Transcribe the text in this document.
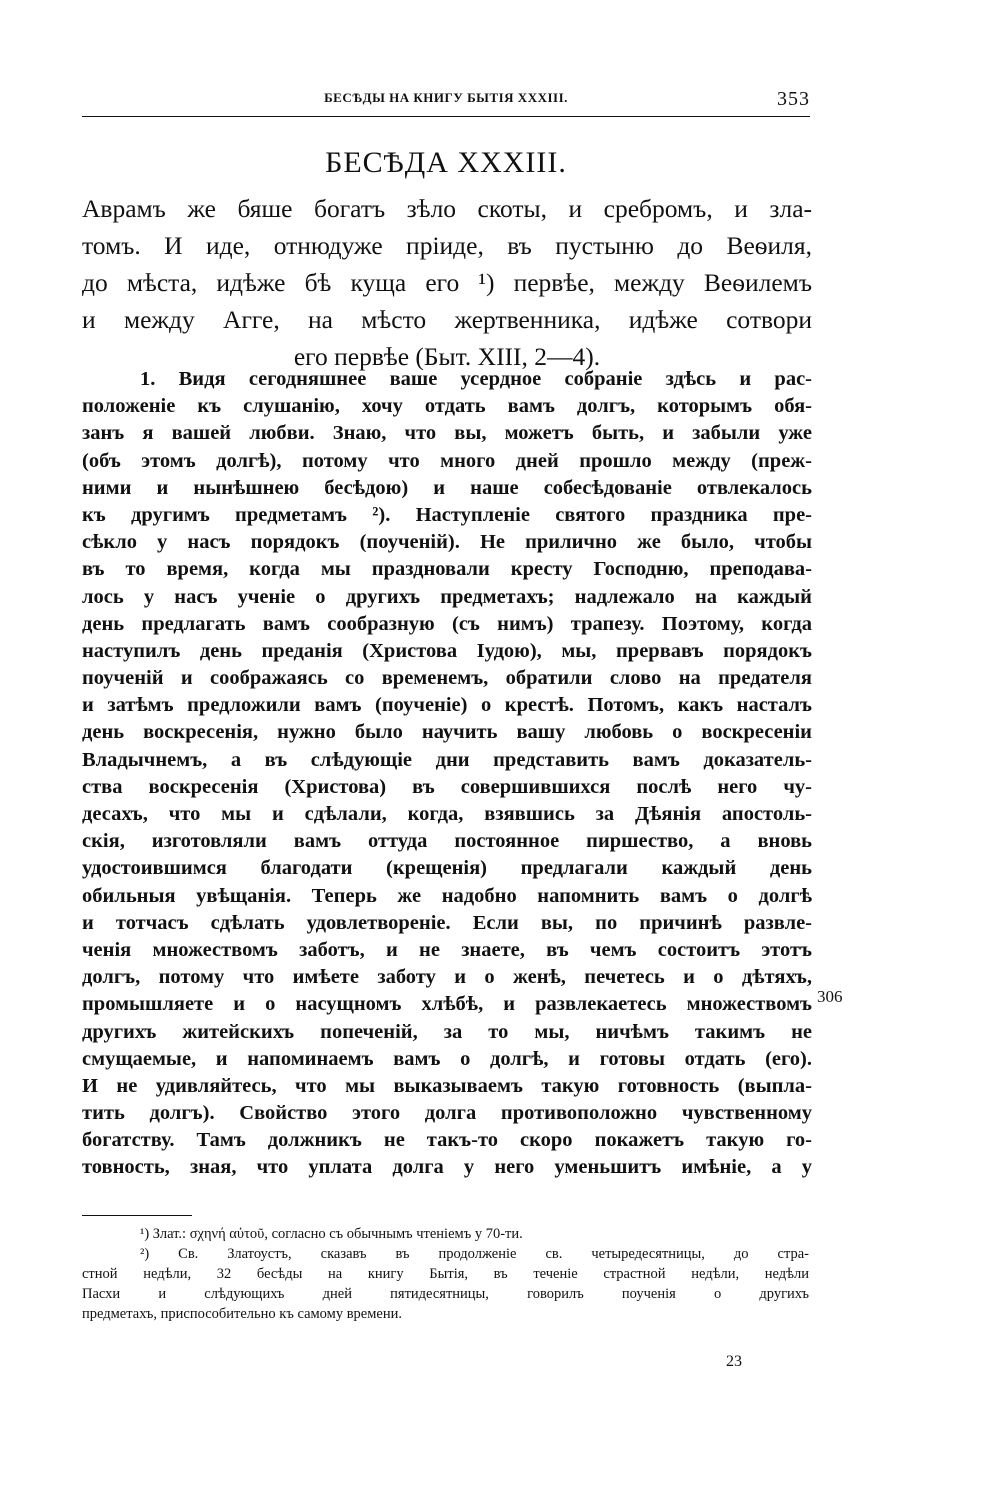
БЕСѢДЫ НА КНИГУ БЫТІЯ XXXIII.	353
БЕСѢДА XXXIII.
Аврамъ же бяше богатъ зѣло скоты, и сребромъ, и зла-
томъ. И иде, отнюдуже пріиде, въ пустыню до Веѳиля,
до мѣста, идѣже бѣ куща его ¹) первѣе, между Веѳилемъ
и между Агге, на мѣсто жертвенника, идѣже сотвори
его первѣе (Быт. XIII, 2—4).
1. Видя сегодняшнее ваше усердное собраніе здѣсь и рас-
положеніе къ слушанію, хочу отдать вамъ долгъ, которымъ обя-
занъ я вашей любви. Знаю, что вы, можетъ быть, и забыли уже
(объ этомъ долгѣ), потому что много дней прошло между (преж-
ними и нынѣшнею бесѣдою) и наше собесѣдованіе отвлекалось
къ другимъ предметамъ ²). Наступленіе святого праздника пре-
сѣкло у насъ порядокъ (поученій). Не прилично же было, чтобы
въ то время, когда мы праздновали кресту Господню, преподава-
лось у насъ ученіе о другихъ предметахъ; надлежало на каждый
день предлагать вамъ сообразную (съ нимъ) трапезу. Поэтому, когда
наступилъ день преданія (Христова Іудою), мы, прервавъ порядокъ
поученій и соображаясь со временемъ, обратили слово на предателя
и затѣмъ предложили вамъ (поученіе) о крестѣ. Потомъ, какъ насталъ
день воскресенія, нужно было научить вашу любовь о воскресеніи
Владычнемъ, а въ слѣдующіе дни представить вамъ доказатель-
ства воскресенія (Христова) въ совершившихся послѣ него чу-
десахъ, что мы и сдѣлали, когда, взявшись за Дѣянія апостоль-
скія, изготовляли вамъ оттуда постоянное пиршество, а вновь
удостоившимся благодати (крещенія) предлагали каждый день
обильныя увѣщанія. Теперь же надобно напомнить вамъ о долгѣ
и тотчасъ сдѣлать удовлетвореніе. Если вы, по причинѣ развле-
ченія множествомъ заботъ, и не знаете, въ чемъ состоитъ этотъ
долгъ, потому что имѣете заботу и о женѣ, печетесь и о дѣтяхъ,
промышляете и о насущномъ хлѣбѣ, и развлекаетесь множествомъ
другихъ житейскихъ попеченій, за то мы, ничѣмъ такимъ не
смущаемые, и напоминаемъ вамъ о долгѣ, и готовы отдать (его).
И не удивляйтесь, что мы выказываемъ такую готовность (выпла-
тить долгъ). Свойство этого долга противоположно чувственному
богатству. Тамъ должникъ не такъ-то скоро покажетъ такую го-
товность, зная, что уплата долга у него уменьшитъ имѣніе, а у
306
¹) Злат.: σχηνή αὐτοῦ, согласно съ обычнымъ чтеніемъ у 70-ти.
²) Св. Златоустъ, сказавъ въ продолженіе св. четыредесятницы, до стра-
стной недѣли, 32 бесѣды на книгу Бытія, въ теченіе страстной недѣли, недѣли
Пасхи и слѣдующихъ дней пятидесятницы, говорилъ поученія о другихъ
предметахъ, приспособительно къ самому времени.
23
